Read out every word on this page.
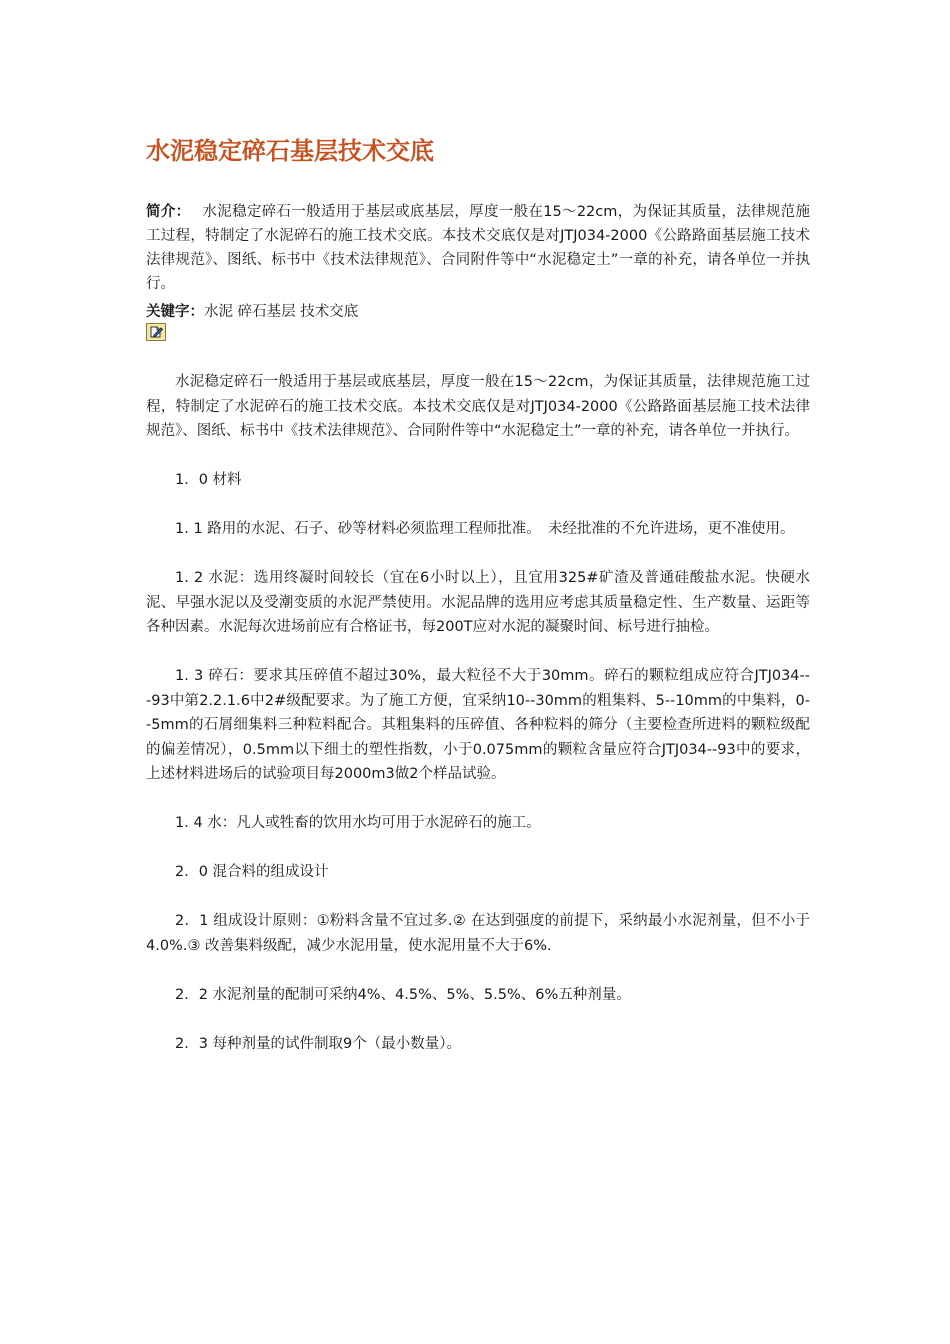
水泥稳定碎石基层技术交底
简介： 水泥稳定碎石一般适用于基层或底基层，厚度一般在15～22cm，为保证其质量，法律规范施工过程，特制定了水泥碎石的施工技术交底。本技术交底仅是对JTJ034-2000《公路路面基层施工技术法律规范》、图纸、标书中《技术法律规范》、合同附件等中“水泥稳定土”一章的补充，请各单位一并执行。
关键字：水泥 碎石基层 技术交底

水泥稳定碎石一般适用于基层或底基层，厚度一般在15～22cm，为保证其质量，法律规范施工过程，特制定了水泥碎石的施工技术交底。本技术交底仅是对JTJ034-2000《公路路面基层施工技术法律规范》、图纸、标书中《技术法律规范》、合同附件等中“水泥稳定土”一章的补充，请各单位一并执行。

1．0 材料

1. 1 路用的水泥、石子、砂等材料必须监理工程师批准。　未经批准的不允许进场，更不准使用。

1. 2 水泥：选用终凝时间较长（宜在6小时以上），且宜用325#矿渣及普通硅酸盐水泥。快硬水泥、早强水泥以及受潮变质的水泥严禁使用。水泥品牌的选用应考虑其质量稳定性、生产数量、运距等各种因素。水泥每次进场前应有合格证书，每200T应对水泥的凝聚时间、标号进行抽检。

1. 3 碎石：要求其压碎值不超过30%，最大粒径不大于30mm。碎石的颗粒组成应符合JTJ034---93中第2.2.1.6中2#级配要求。为了施工方便，宜采纳10--30mm的粗集料、5--10mm的中集料，0--5mm的石屑细集料三种粒料配合。其粗集料的压碎值、各种粒料的筛分（主要检查所进料的颗粒级配的偏差情况），0.5mm以下细土的塑性指数，小于0.075mm的颗粒含量应符合JTJ034--93中的要求，上述材料进场后的试验项目每2000m3做2个样品试验。

1. 4 水：凡人或牲畜的饮用水均可用于水泥碎石的施工。

2．0 混合料的组成设计

2．1 组成设计原则：①粉料含量不宜过多.② 在达到强度的前提下，采纳最小水泥剂量，但不小于4.0%.③ 改善集料级配，减少水泥用量，使水泥用量不大于6%.

2．2 水泥剂量的配制可采纳4%、4.5%、5%、5.5%、6%五种剂量。

2．3 每种剂量的试件制取9个（最小数量）。
